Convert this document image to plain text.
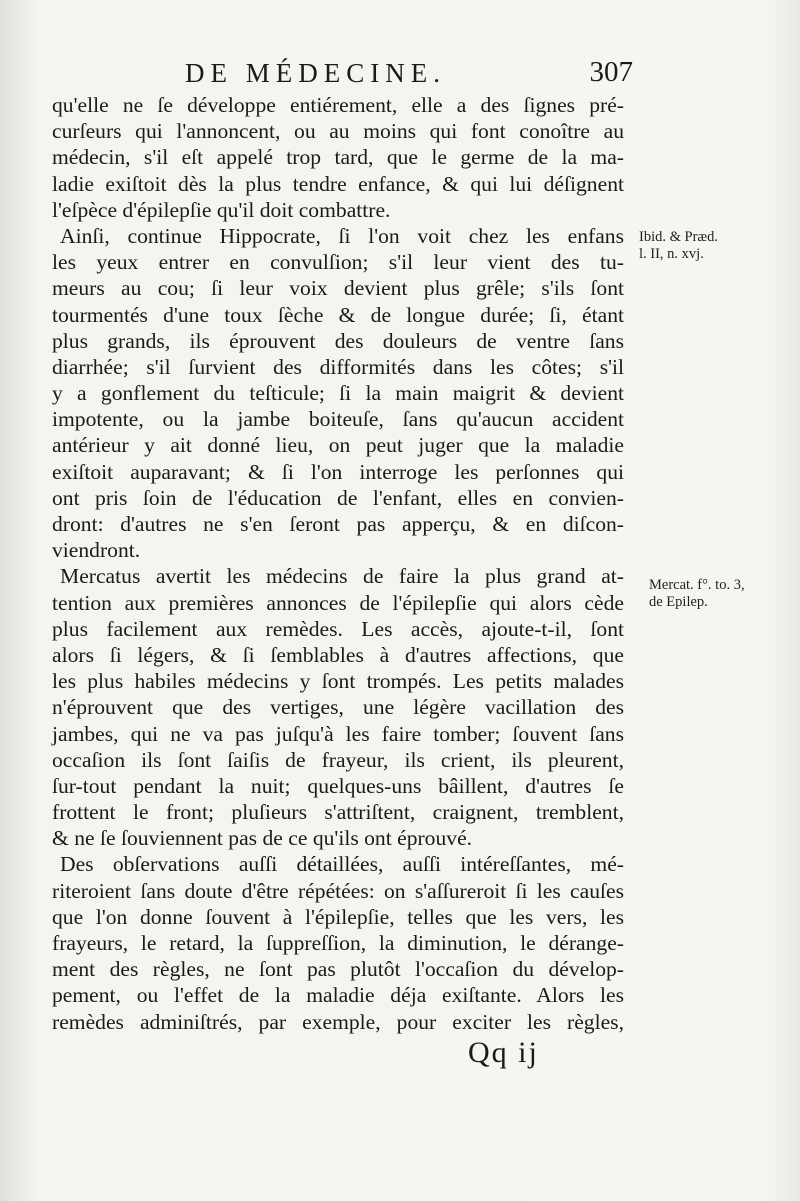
DE MÉDECINE.	307
qu'elle ne ſe développe entiérement, elle a des ſignes pré-
curſeurs qui l'annoncent, ou au moins qui font conoître au
médecin, s'il eſt appelé trop tard, que le germe de la ma-
ladie exiſtoit dès la plus tendre enfance, & qui lui déſignent
l'eſpèce d'épilepſie qu'il doit combattre.
Ainſi, continue Hippocrate, ſi l'on voit chez les enfans
les yeux entrer en convulſion; s'il leur vient des tu-
meurs au cou; ſi leur voix devient plus grêle; s'ils ſont
tourmentés d'une toux ſèche & de longue durée; ſi, étant
plus grands, ils éprouvent des douleurs de ventre ſans
diarrhée; s'il ſurvient des difformités dans les côtes; s'il
y a gonflement du teſticule; ſi la main maigrit & devient
impotente, ou la jambe boiteuſe, ſans qu'aucun accident
antérieur y ait donné lieu, on peut juger que la maladie
exiſtoit auparavant; & ſi l'on interroge les perſonnes qui
ont pris ſoin de l'éducation de l'enfant, elles en convien-
dront: d'autres ne s'en ſeront pas apperçu, & en diſcon-
viendront.
Mercatus avertit les médecins de faire la plus grand at-
tention aux premières annonces de l'épilepſie qui alors cède
plus facilement aux remèdes. Les accès, ajoute-t-il, ſont
alors ſi légers, & ſi ſemblables à d'autres affections, que
les plus habiles médecins y ſont trompés. Les petits malades
n'éprouvent que des vertiges, une légère vacillation des
jambes, qui ne va pas juſqu'à les faire tomber; ſouvent ſans
occaſion ils ſont ſaiſis de frayeur, ils crient, ils pleurent,
ſur-tout pendant la nuit; quelques-uns bâillent, d'autres ſe
frottent le front; pluſieurs s'attriſtent, craignent, tremblent,
& ne ſe ſouviennent pas de ce qu'ils ont éprouvé.
Des obſervations auſſi détaillées, auſſi intéreſſantes, mé-
riteroient ſans doute d'être répétées: on s'aſſureroit ſi les cauſes
que l'on donne ſouvent à l'épilepſie, telles que les vers, les
frayeurs, le retard, la ſuppreſſion, la diminution, le dérange-
ment des règles, ne ſont pas plutôt l'occaſion du dévelop-
pement, ou l'effet de la maladie déja exiſtante. Alors les
remèdes adminiſtrés, par exemple, pour exciter les règles,
Ibid. & Præd.
l. II, n. xvj.
Mercat. f°. to. 3,
de Epilep.
Qq ij
